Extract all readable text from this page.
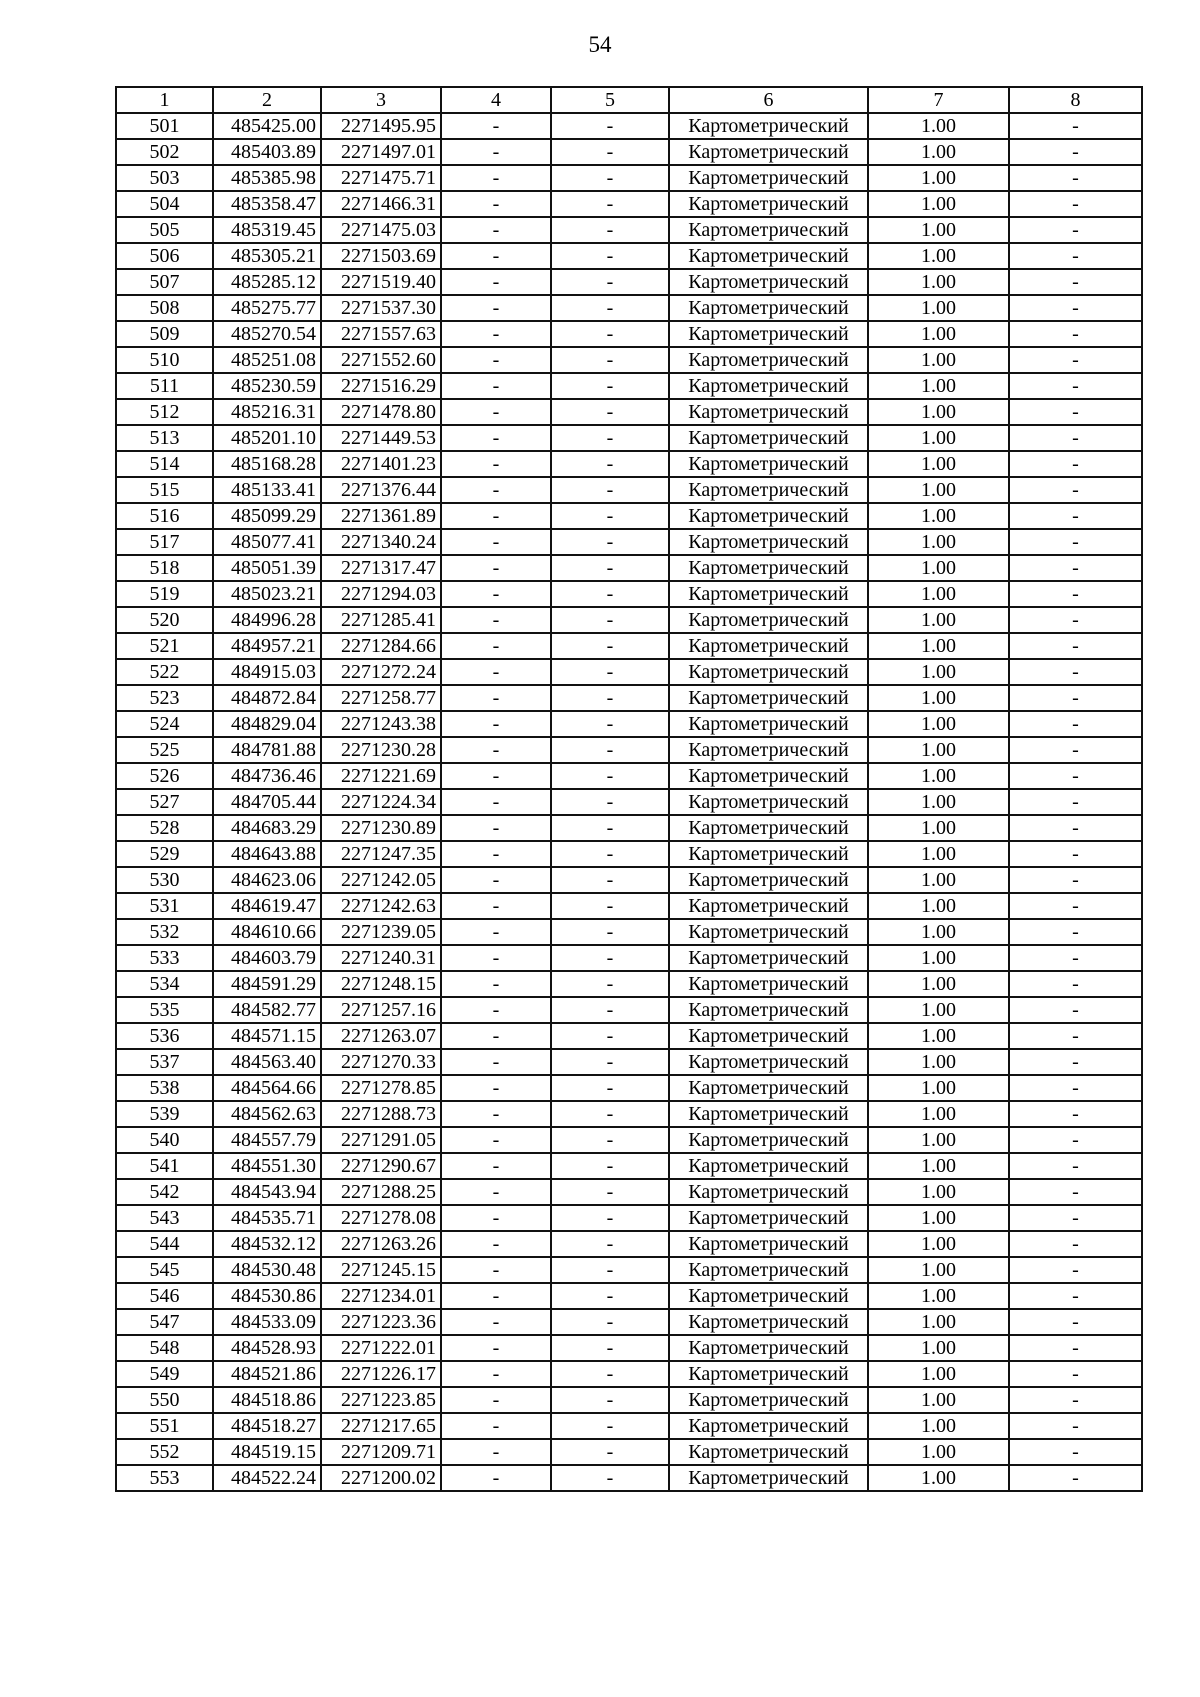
54
1	2	3	4	5	6	7	8
501	485425.00	2271495.95	-	-	Картометрический	1.00	-
502	485403.89	2271497.01	-	-	Картометрический	1.00	-
503	485385.98	2271475.71	-	-	Картометрический	1.00	-
504	485358.47	2271466.31	-	-	Картометрический	1.00	-
505	485319.45	2271475.03	-	-	Картометрический	1.00	-
506	485305.21	2271503.69	-	-	Картометрический	1.00	-
507	485285.12	2271519.40	-	-	Картометрический	1.00	-
508	485275.77	2271537.30	-	-	Картометрический	1.00	-
509	485270.54	2271557.63	-	-	Картометрический	1.00	-
510	485251.08	2271552.60	-	-	Картометрический	1.00	-
511	485230.59	2271516.29	-	-	Картометрический	1.00	-
512	485216.31	2271478.80	-	-	Картометрический	1.00	-
513	485201.10	2271449.53	-	-	Картометрический	1.00	-
514	485168.28	2271401.23	-	-	Картометрический	1.00	-
515	485133.41	2271376.44	-	-	Картометрический	1.00	-
516	485099.29	2271361.89	-	-	Картометрический	1.00	-
517	485077.41	2271340.24	-	-	Картометрический	1.00	-
518	485051.39	2271317.47	-	-	Картометрический	1.00	-
519	485023.21	2271294.03	-	-	Картометрический	1.00	-
520	484996.28	2271285.41	-	-	Картометрический	1.00	-
521	484957.21	2271284.66	-	-	Картометрический	1.00	-
522	484915.03	2271272.24	-	-	Картометрический	1.00	-
523	484872.84	2271258.77	-	-	Картометрический	1.00	-
524	484829.04	2271243.38	-	-	Картометрический	1.00	-
525	484781.88	2271230.28	-	-	Картометрический	1.00	-
526	484736.46	2271221.69	-	-	Картометрический	1.00	-
527	484705.44	2271224.34	-	-	Картометрический	1.00	-
528	484683.29	2271230.89	-	-	Картометрический	1.00	-
529	484643.88	2271247.35	-	-	Картометрический	1.00	-
530	484623.06	2271242.05	-	-	Картометрический	1.00	-
531	484619.47	2271242.63	-	-	Картометрический	1.00	-
532	484610.66	2271239.05	-	-	Картометрический	1.00	-
533	484603.79	2271240.31	-	-	Картометрический	1.00	-
534	484591.29	2271248.15	-	-	Картометрический	1.00	-
535	484582.77	2271257.16	-	-	Картометрический	1.00	-
536	484571.15	2271263.07	-	-	Картометрический	1.00	-
537	484563.40	2271270.33	-	-	Картометрический	1.00	-
538	484564.66	2271278.85	-	-	Картометрический	1.00	-
539	484562.63	2271288.73	-	-	Картометрический	1.00	-
540	484557.79	2271291.05	-	-	Картометрический	1.00	-
541	484551.30	2271290.67	-	-	Картометрический	1.00	-
542	484543.94	2271288.25	-	-	Картометрический	1.00	-
543	484535.71	2271278.08	-	-	Картометрический	1.00	-
544	484532.12	2271263.26	-	-	Картометрический	1.00	-
545	484530.48	2271245.15	-	-	Картометрический	1.00	-
546	484530.86	2271234.01	-	-	Картометрический	1.00	-
547	484533.09	2271223.36	-	-	Картометрический	1.00	-
548	484528.93	2271222.01	-	-	Картометрический	1.00	-
549	484521.86	2271226.17	-	-	Картометрический	1.00	-
550	484518.86	2271223.85	-	-	Картометрический	1.00	-
551	484518.27	2271217.65	-	-	Картометрический	1.00	-
552	484519.15	2271209.71	-	-	Картометрический	1.00	-
553	484522.24	2271200.02	-	-	Картометрический	1.00	-
